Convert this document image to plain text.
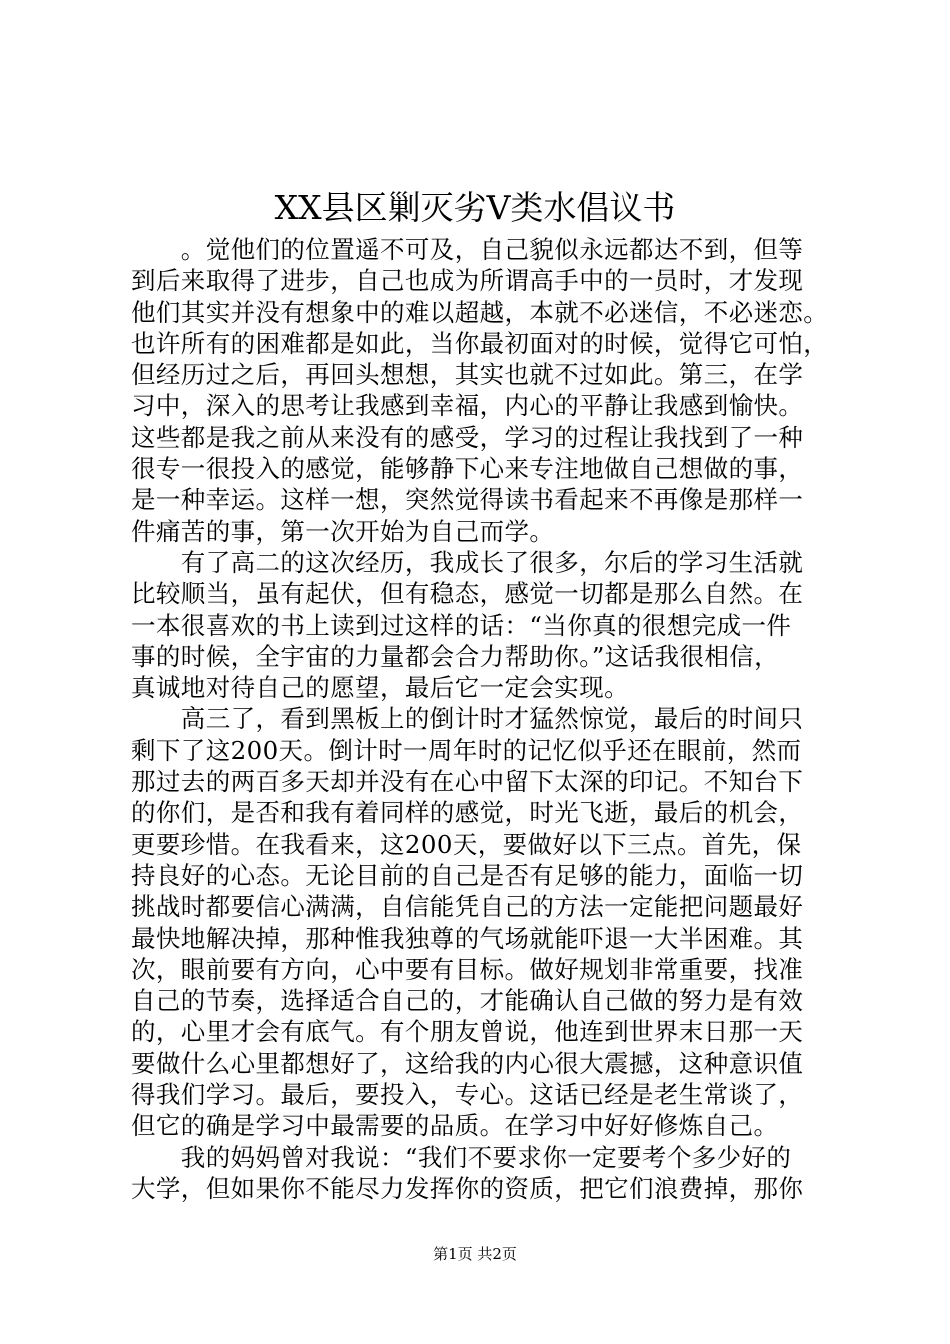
XX县区剿灭劣Ⅴ类水倡议书
　　。觉他们的位置遥不可及，自己貌似永远都达不到，但等
到后来取得了进步，自己也成为所谓高手中的一员时，才发现
他们其实并没有想象中的难以超越，本就不必迷信，不必迷恋。
也许所有的困难都是如此，当你最初面对的时候，觉得它可怕，
但经历过之后，再回头想想，其实也就不过如此。第三，在学
习中，深入的思考让我感到幸福，内心的平静让我感到愉快。
这些都是我之前从来没有的感受，学习的过程让我找到了一种
很专一很投入的感觉，能够静下心来专注地做自己想做的事，
是一种幸运。这样一想，突然觉得读书看起来不再像是那样一
件痛苦的事，第一次开始为自己而学。
　　有了高二的这次经历，我成长了很多，尔后的学习生活就
比较顺当，虽有起伏，但有稳态，感觉一切都是那么自然。在
一本很喜欢的书上读到过这样的话：“当你真的很想完成一件
事的时候，全宇宙的力量都会合力帮助你。”这话我很相信，
真诚地对待自己的愿望，最后它一定会实现。
　　高三了，看到黑板上的倒计时才猛然惊觉，最后的时间只
剩下了这200天。倒计时一周年时的记忆似乎还在眼前，然而
那过去的两百多天却并没有在心中留下太深的印记。不知台下
的你们，是否和我有着同样的感觉，时光飞逝，最后的机会，
更要珍惜。在我看来，这200天，要做好以下三点。首先，保
持良好的心态。无论目前的自己是否有足够的能力，面临一切
挑战时都要信心满满，自信能凭自己的方法一定能把问题最好
最快地解决掉，那种惟我独尊的气场就能吓退一大半困难。其
次，眼前要有方向，心中要有目标。做好规划非常重要，找准
自己的节奏，选择适合自己的，才能确认自己做的努力是有效
的，心里才会有底气。有个朋友曾说，他连到世界末日那一天
要做什么心里都想好了，这给我的内心很大震撼，这种意识值
得我们学习。最后，要投入，专心。这话已经是老生常谈了，
但它的确是学习中最需要的品质。在学习中好好修炼自己。
　　我的妈妈曾对我说：“我们不要求你一定要考个多少好的
大学，但如果你不能尽力发挥你的资质，把它们浪费掉，那你
第1页 共2页
